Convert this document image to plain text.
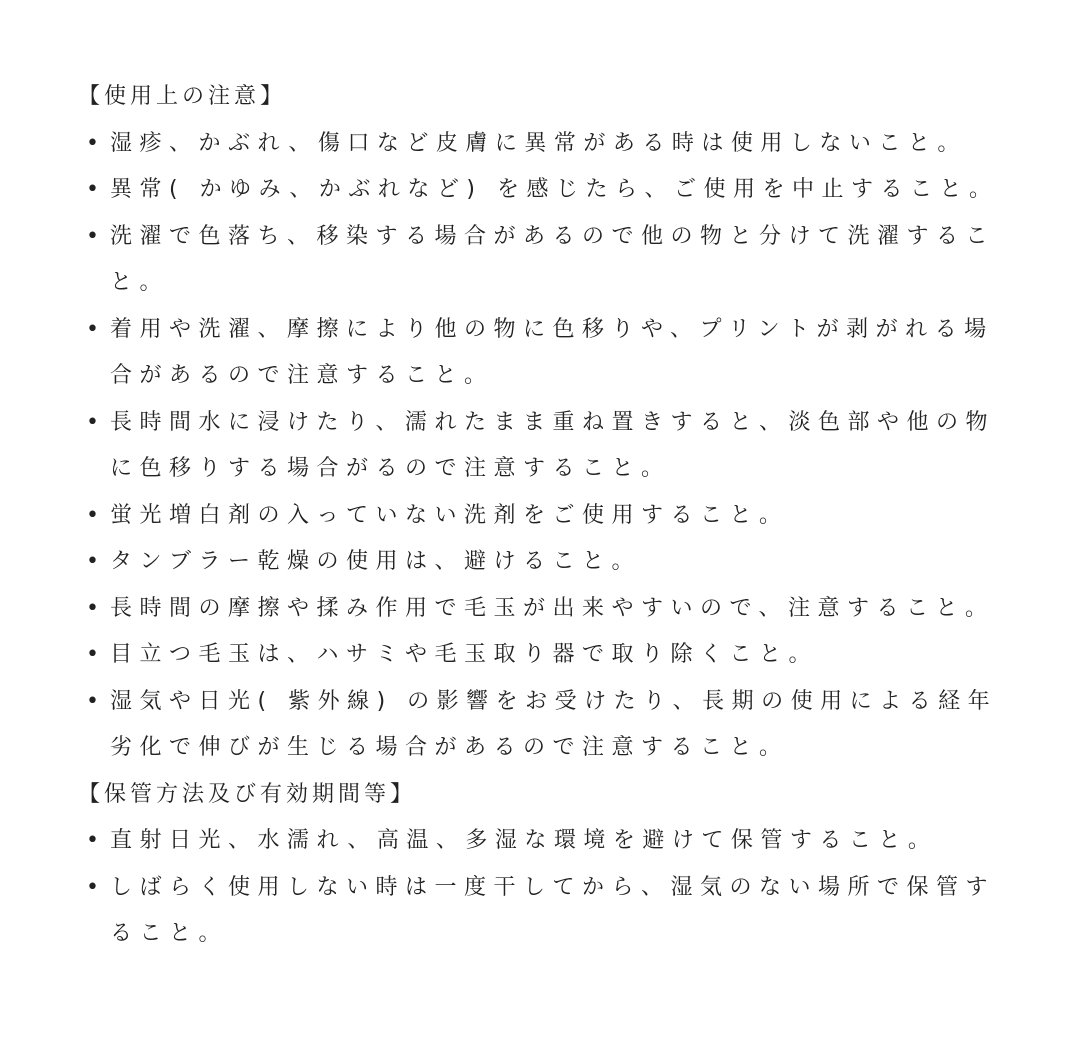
【使用上の注意】
• 湿疹、かぶれ、傷口など皮膚に異常がある時は使用しないこと。
• 異常( かゆみ、かぶれなど) を感じたら、ご使用を中止すること。
• 洗濯で色落ち、移染する場合があるので他の物と分けて洗濯するこ
と。
• 着用や洗濯、摩擦により他の物に色移りや、プリントが剥がれる場
合があるので注意すること。
• 長時間水に浸けたり、濡れたまま重ね置きすると、淡色部や他の物
に色移りする場合がるので注意すること。
• 蛍光増白剤の入っていない洗剤をご使用すること。
• タンブラー乾燥の使用は、避けること。
• 長時間の摩擦や揉み作用で毛玉が出来やすいので、注意すること。
• 目立つ毛玉は、ハサミや毛玉取り器で取り除くこと。
• 湿気や日光( 紫外線) の影響をお受けたり、長期の使用による経年
劣化で伸びが生じる場合があるので注意すること。
【保管方法及び有効期間等】
• 直射日光、水濡れ、高温、多湿な環境を避けて保管すること。
• しばらく使用しない時は一度干してから、湿気のない場所で保管す
ること。
